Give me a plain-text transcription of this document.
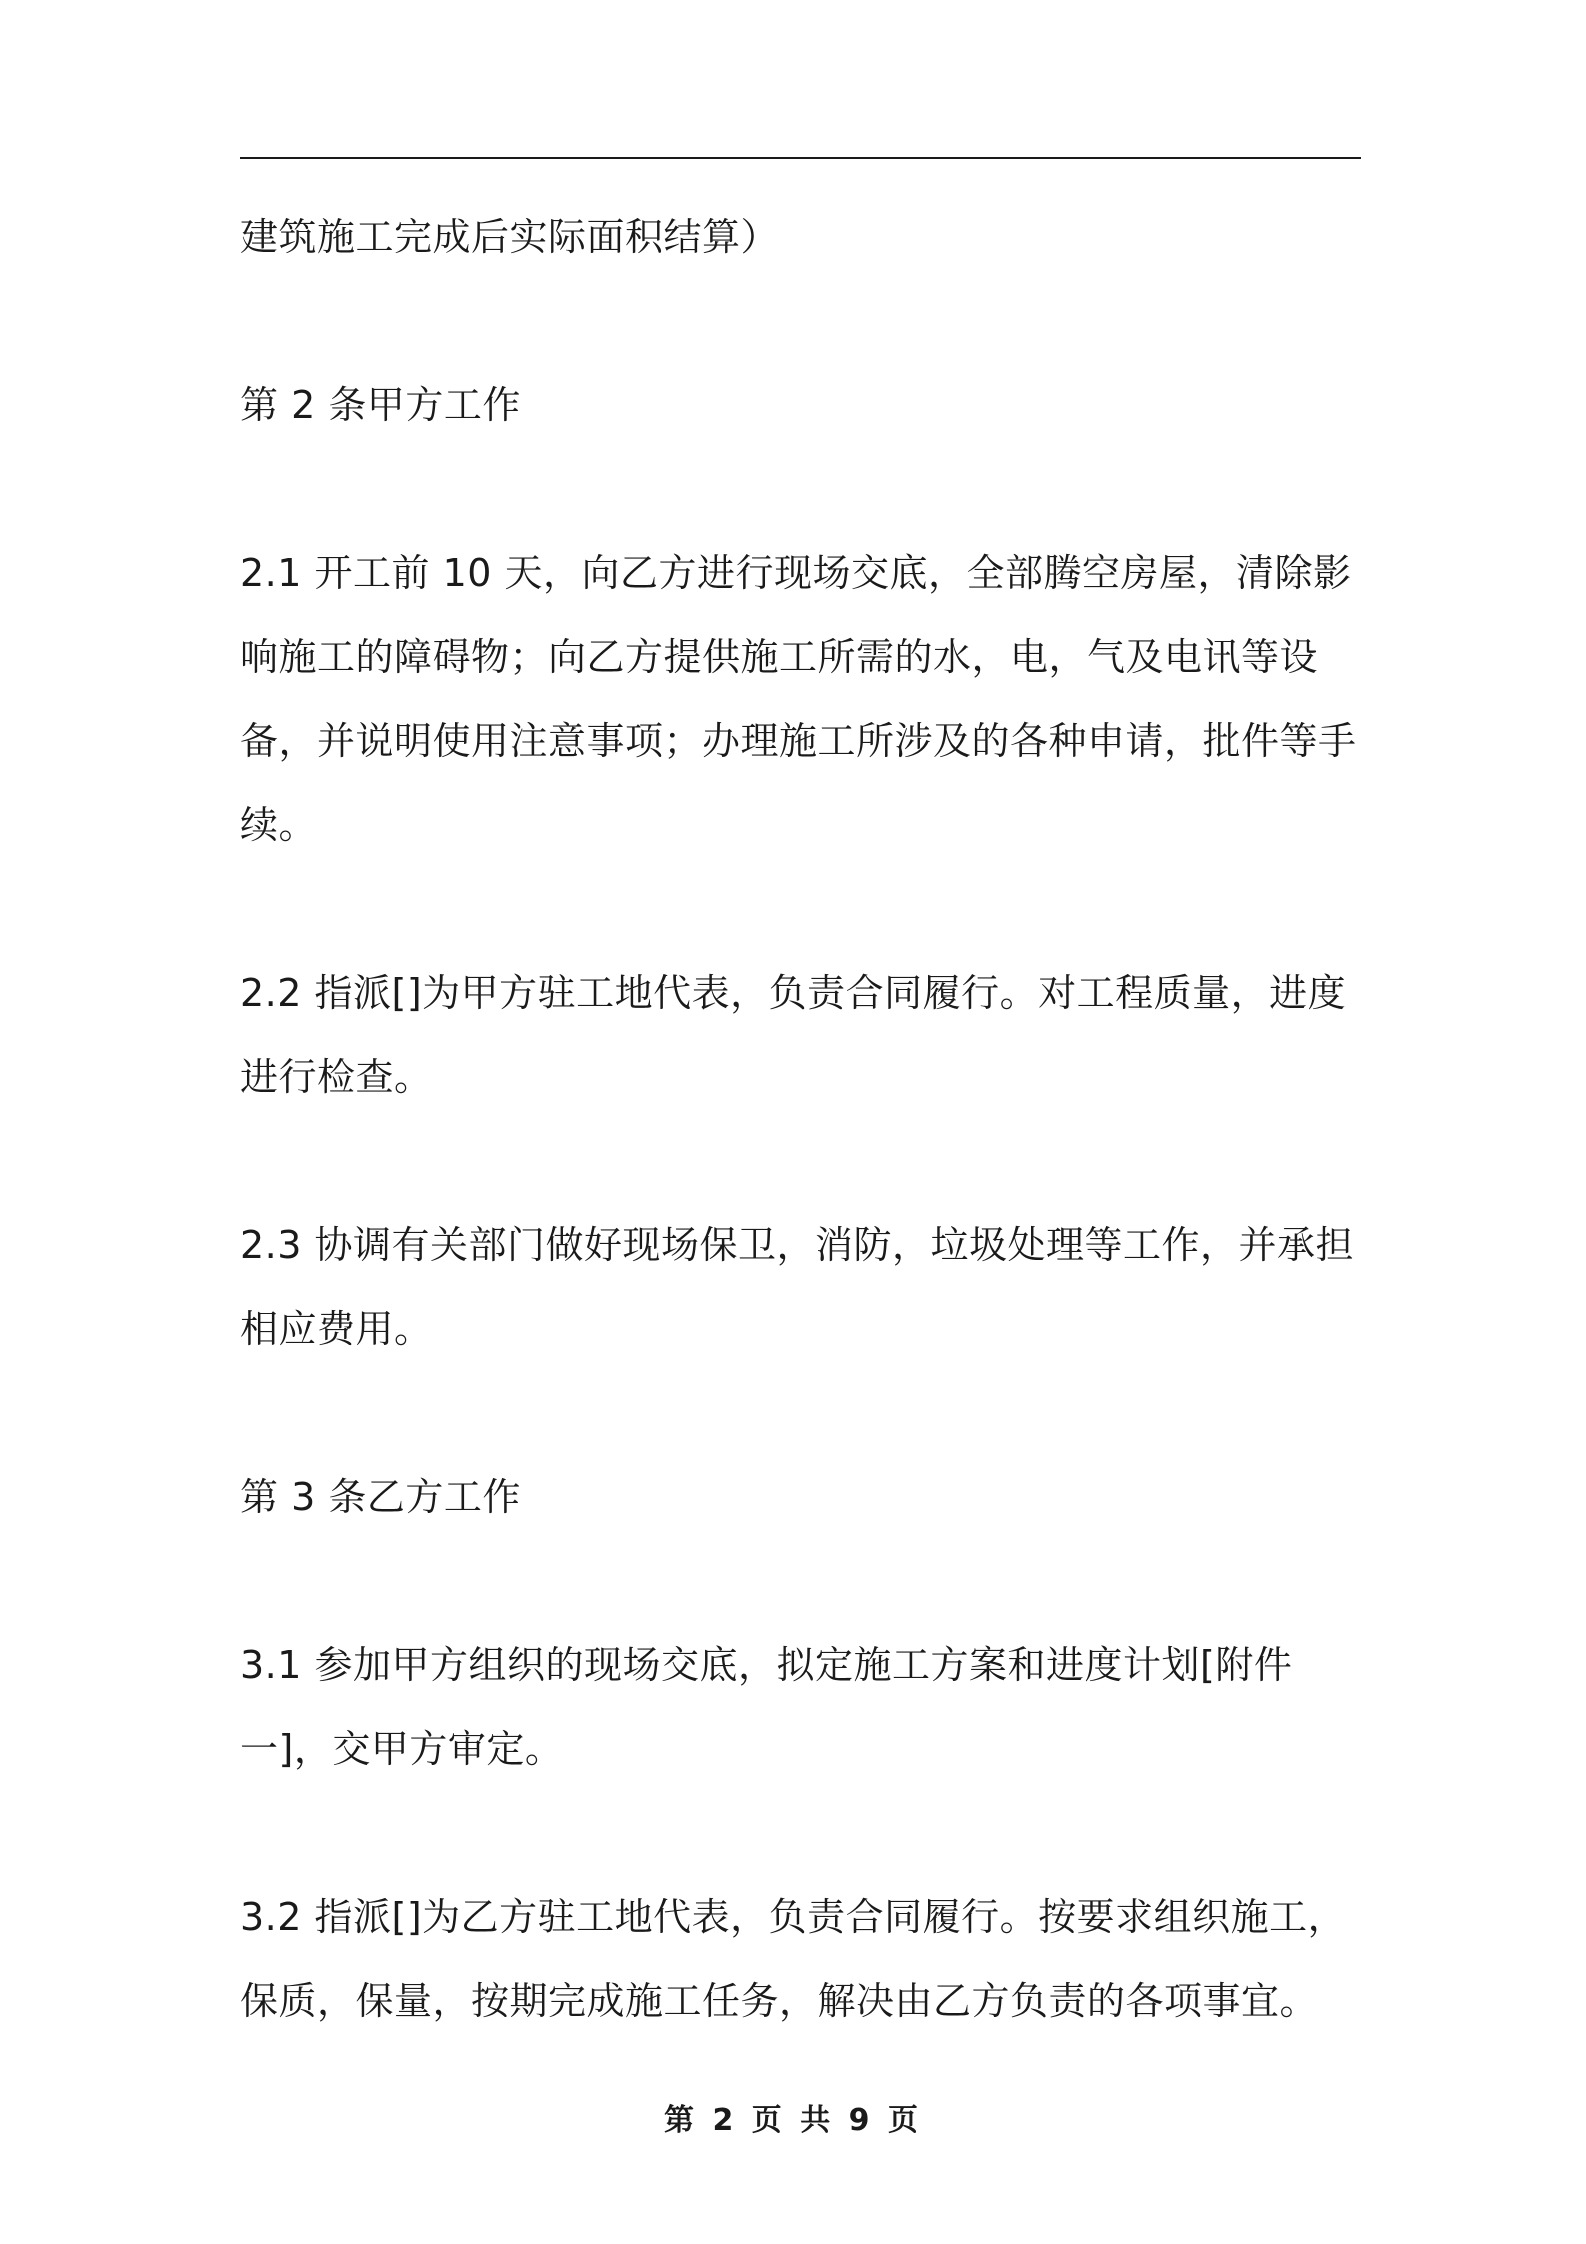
建筑施工完成后实际面积结算）

第 2 条甲方工作

2.1 开工前 10 天，向乙方进行现场交底，全部腾空房屋，清除影响施工的障碍物；向乙方提供施工所需的水，电，气及电讯等设备，并说明使用注意事项；办理施工所涉及的各种申请，批件等手续。

2.2 指派[]为甲方驻工地代表，负责合同履行。对工程质量，进度进行检查。

2.3 协调有关部门做好现场保卫，消防，垃圾处理等工作，并承担相应费用。

第 3 条乙方工作

3.1 参加甲方组织的现场交底，拟定施工方案和进度计划[附件一]，交甲方审定。

3.2 指派[]为乙方驻工地代表，负责合同履行。按要求组织施工，保质，保量，按期完成施工任务，解决由乙方负责的各项事宜。

第 2 页 共 9 页
